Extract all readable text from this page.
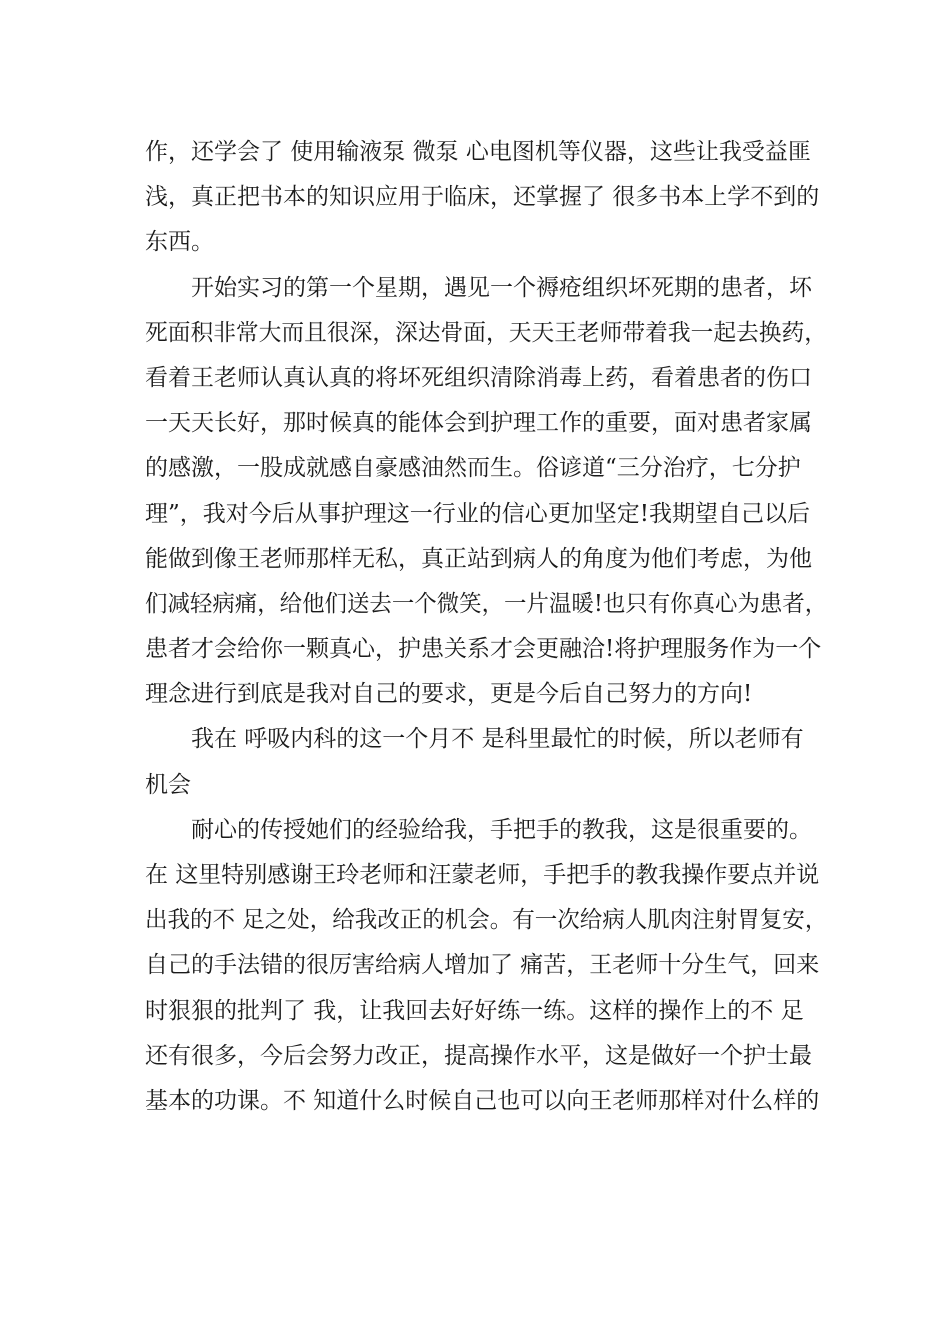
作，还学会了 使用输液泵 微泵 心电图机等仪器，这些让我受益匪
浅，真正把书本的知识应用于临床，还掌握了 很多书本上学不到的
东西。
开始实习的第一个星期，遇见一个褥疮组织坏死期的患者，坏
死面积非常大而且很深，深达骨面，天天王老师带着我一起去换药，
看着王老师认真认真的将坏死组织清除消毒上药，看着患者的伤口
一天天长好，那时候真的能体会到护理工作的重要，面对患者家属
的感激，一股成就感自豪感油然而生。俗谚道“三分治疗，七分护
理”，我对今后从事护理这一行业的信心更加坚定!我期望自己以后
能做到像王老师那样无私，真正站到病人的角度为他们考虑，为他
们减轻病痛，给他们送去一个微笑，一片温暖!也只有你真心为患者，
患者才会给你一颗真心，护患关系才会更融洽!将护理服务作为一个
理念进行到底是我对自己的要求，更是今后自己努力的方向!
我在 呼吸内科的这一个月不 是科里最忙的时候，所以老师有
机会
耐心的传授她们的经验给我，手把手的教我，这是很重要的。
在 这里特别感谢王玲老师和汪蒙老师，手把手的教我操作要点并说
出我的不 足之处，给我改正的机会。有一次给病人肌肉注射胃复安，
自己的手法错的很厉害给病人增加了 痛苦，王老师十分生气，回来
时狠狠的批判了 我，让我回去好好练一练。这样的操作上的不 足
还有很多，今后会努力改正，提高操作水平，这是做好一个护士最
基本的功课。不 知道什么时候自己也可以向王老师那样对什么样的
